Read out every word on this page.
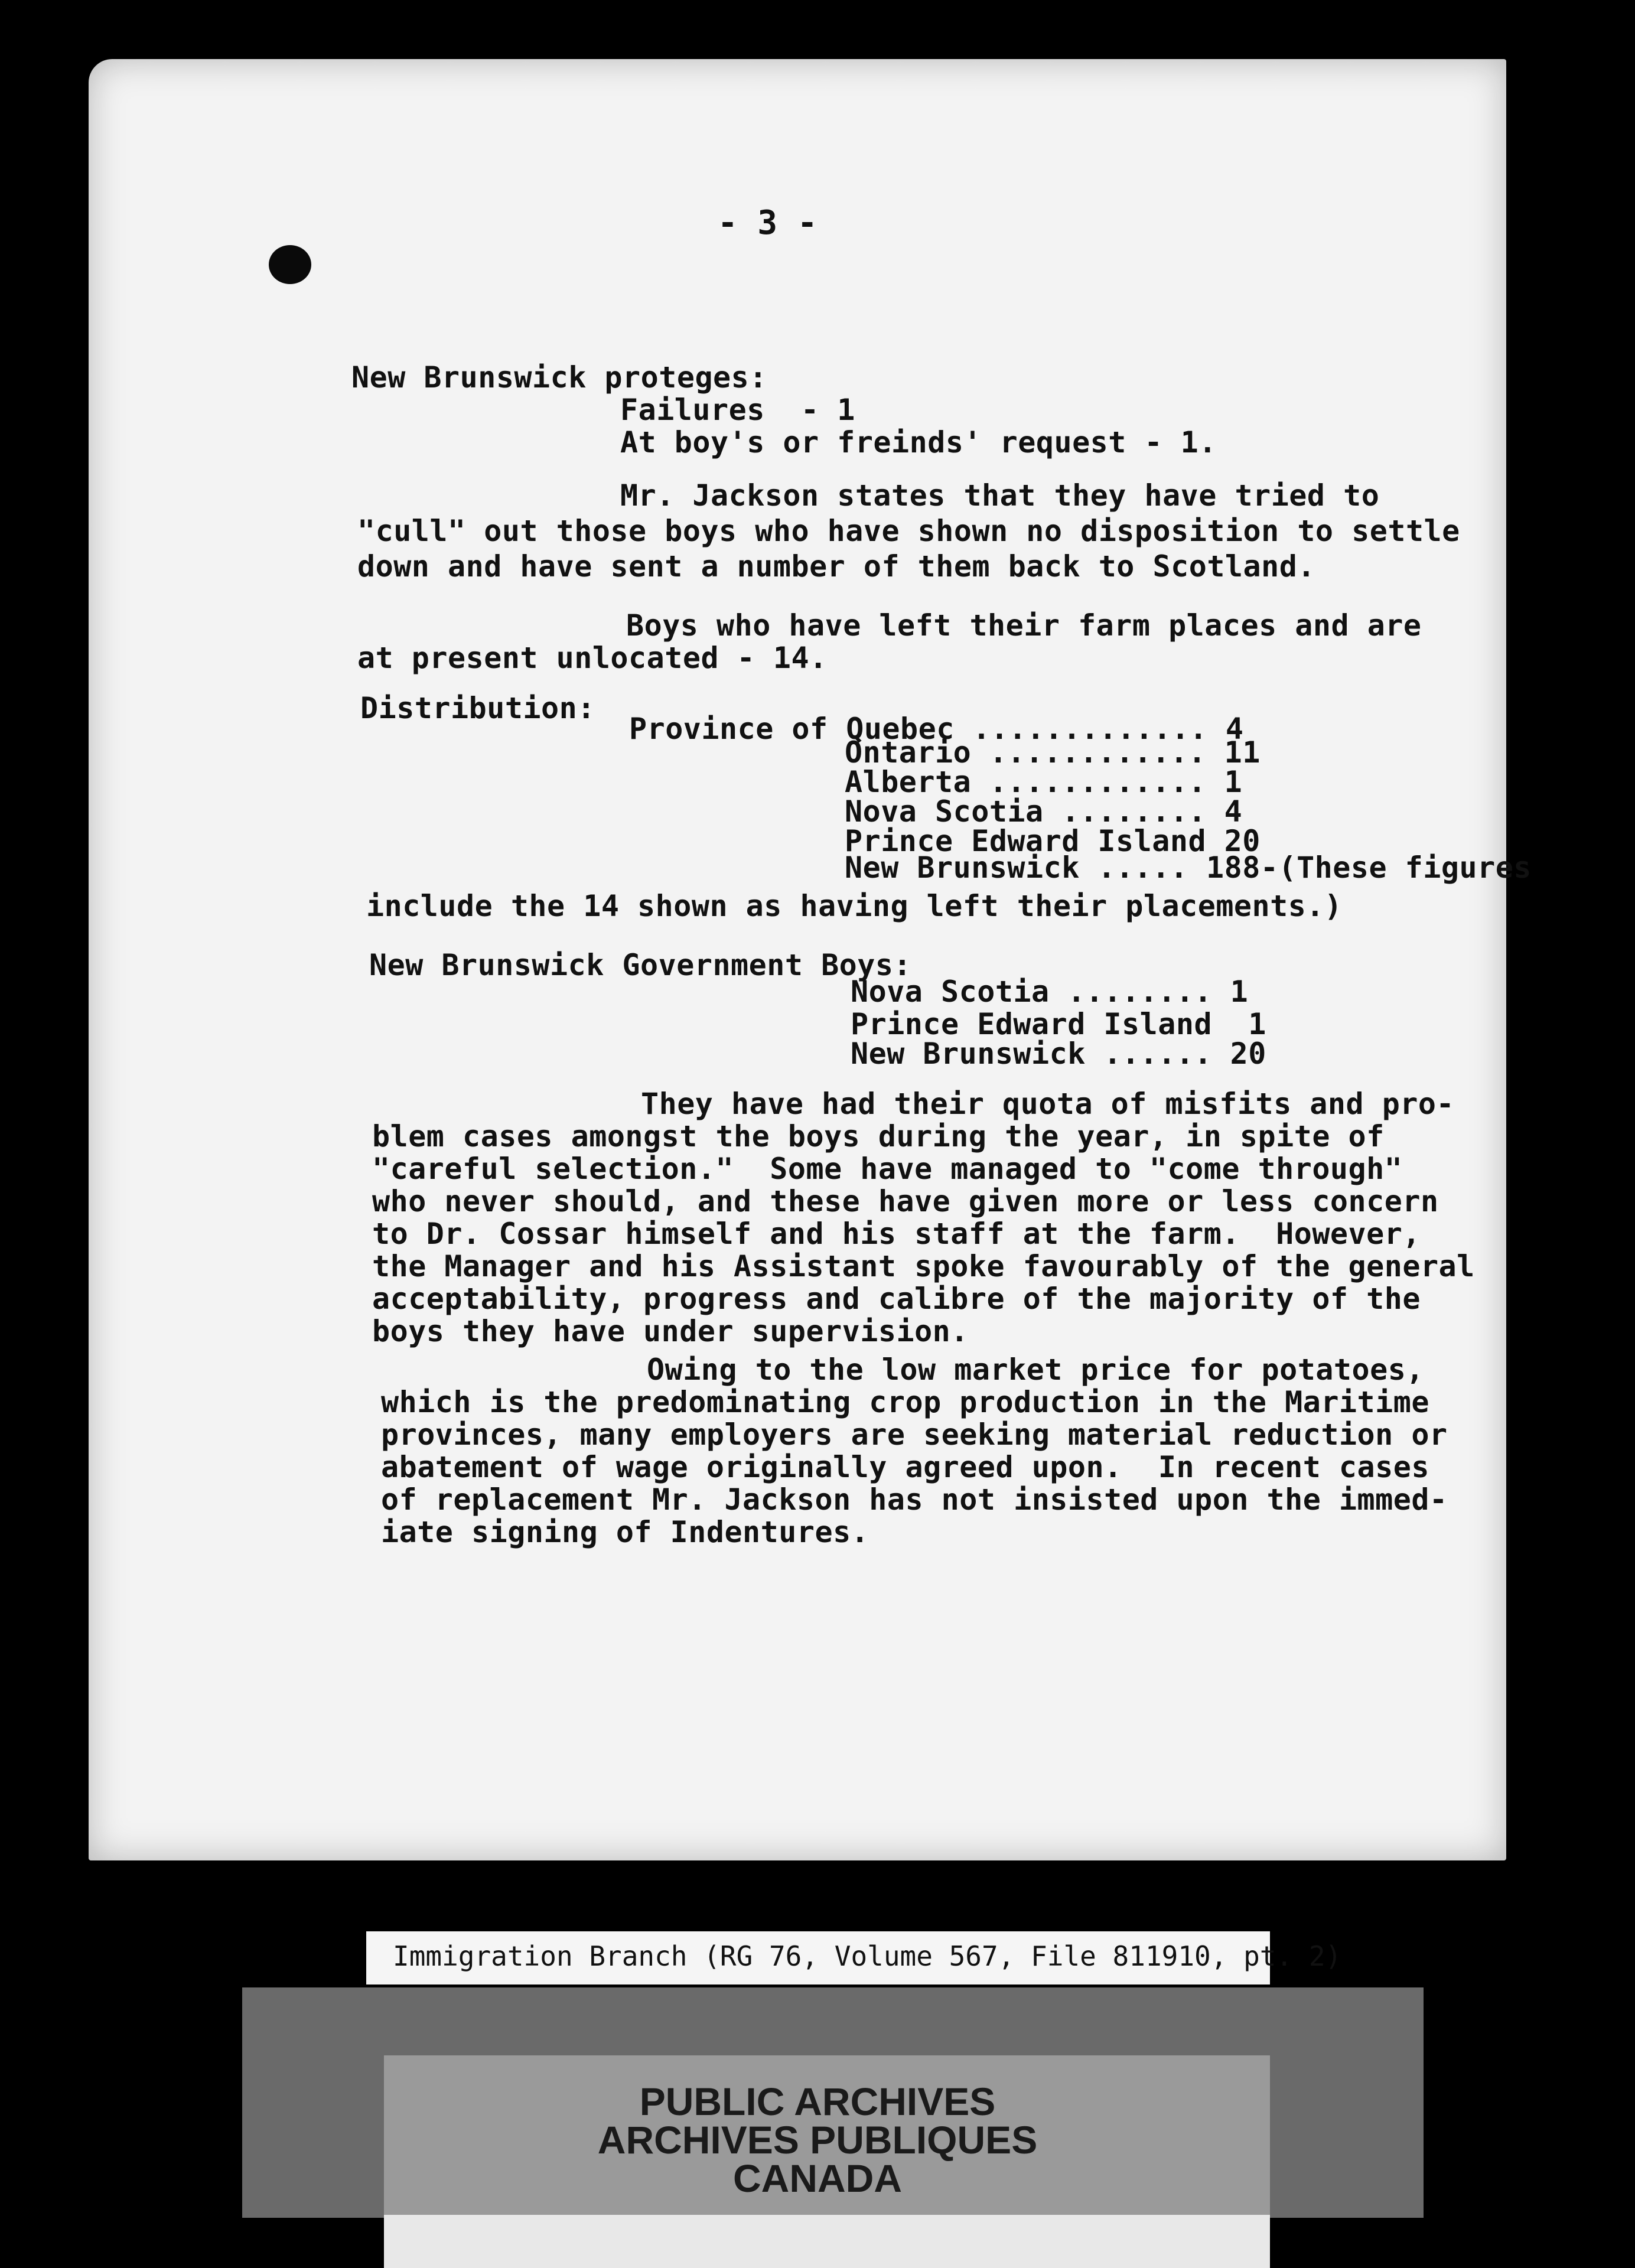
- 3 -
New Brunswick proteges:
Failures  - 1
At boy's or freinds' request - 1.
Mr. Jackson states that they have tried to
"cull" out those boys who have shown no disposition to settle
down and have sent a number of them back to Scotland.
Boys who have left their farm places and are
at present unlocated - 14.
Distribution:
Province of Quebec ............. 4
Ontario ............ 11
Alberta ............ 1
Nova Scotia ........ 4
Prince Edward Island 20
New Brunswick ..... 188-(These figures
include the 14 shown as having left their placements.)
New Brunswick Government Boys:
Nova Scotia ........ 1
Prince Edward Island  1
New Brunswick ...... 20
They have had their quota of misfits and pro-
blem cases amongst the boys during the year, in spite of
"careful selection."  Some have managed to "come through"
who never should, and these have given more or less concern
to Dr. Cossar himself and his staff at the farm.  However,
the Manager and his Assistant spoke favourably of the general
acceptability, progress and calibre of the majority of the
boys they have under supervision.
Owing to the low market price for potatoes,
which is the predominating crop production in the Maritime
provinces, many employers are seeking material reduction or
abatement of wage originally agreed upon.  In recent cases
of replacement Mr. Jackson has not insisted upon the immed-
iate signing of Indentures.
Immigration Branch (RG 76, Volume 567, File 811910, pt. 2)
PUBLIC ARCHIVES
ARCHIVES PUBLIQUES
CANADA
